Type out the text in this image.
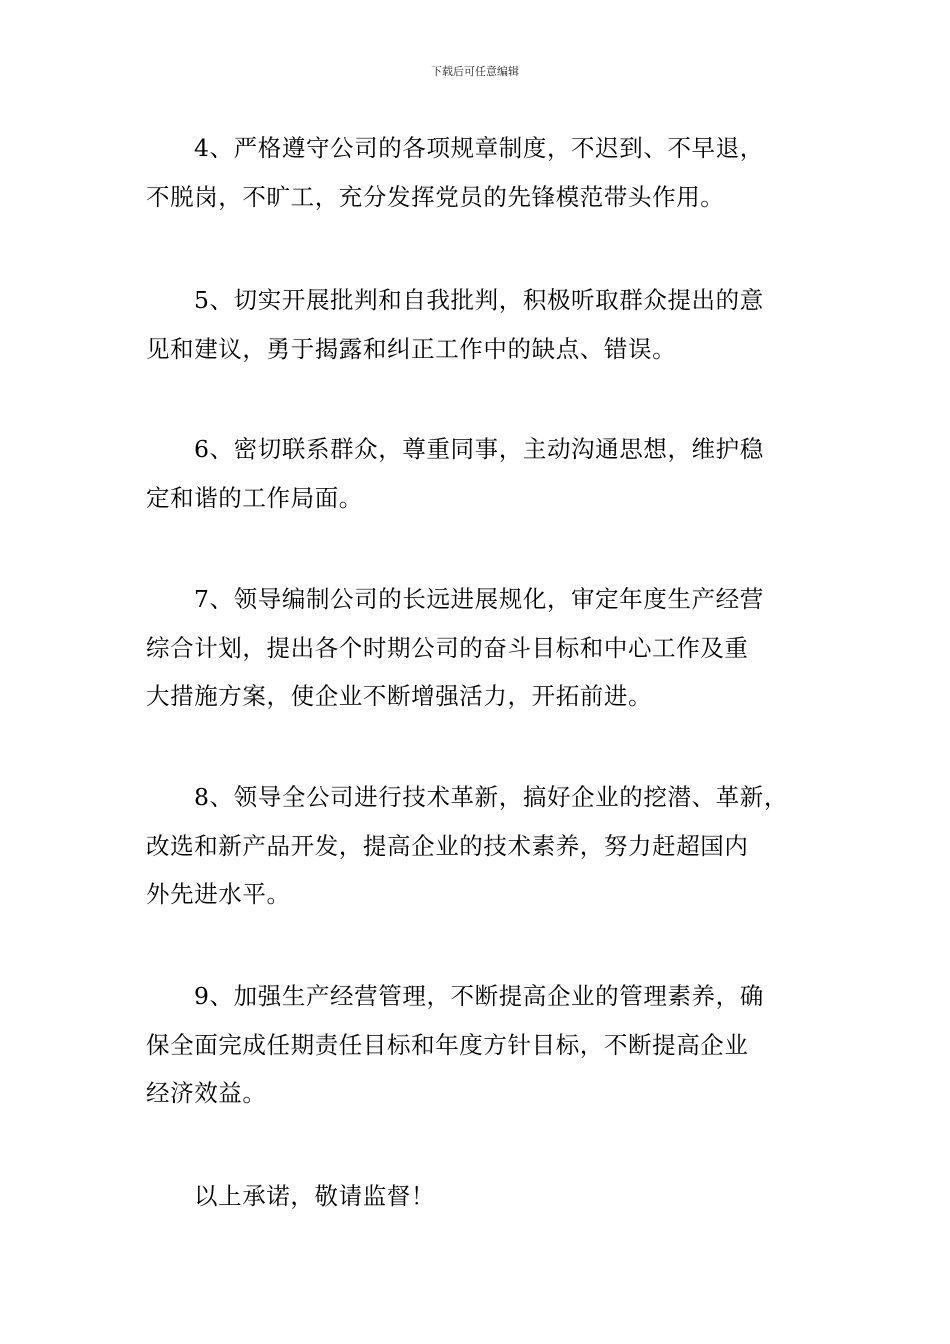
下载后可任意编辑
4、严格遵守公司的各项规章制度，不迟到、不早退，
不脱岗，不旷工，充分发挥党员的先锋模范带头作用。
5、切实开展批判和自我批判，积极听取群众提出的意
见和建议，勇于揭露和纠正工作中的缺点、错误。
6、密切联系群众，尊重同事，主动沟通思想，维护稳
定和谐的工作局面。
7、领导编制公司的长远进展规化，审定年度生产经营
综合计划，提出各个时期公司的奋斗目标和中心工作及重
大措施方案，使企业不断增强活力，开拓前进。
8、领导全公司进行技术革新，搞好企业的挖潜、革新，
改选和新产品开发，提高企业的技术素养，努力赶超国内
外先进水平。
9、加强生产经营管理，不断提高企业的管理素养，确
保全面完成任期责任目标和年度方针目标，不断提高企业
经济效益。
以上承诺，敬请监督！
